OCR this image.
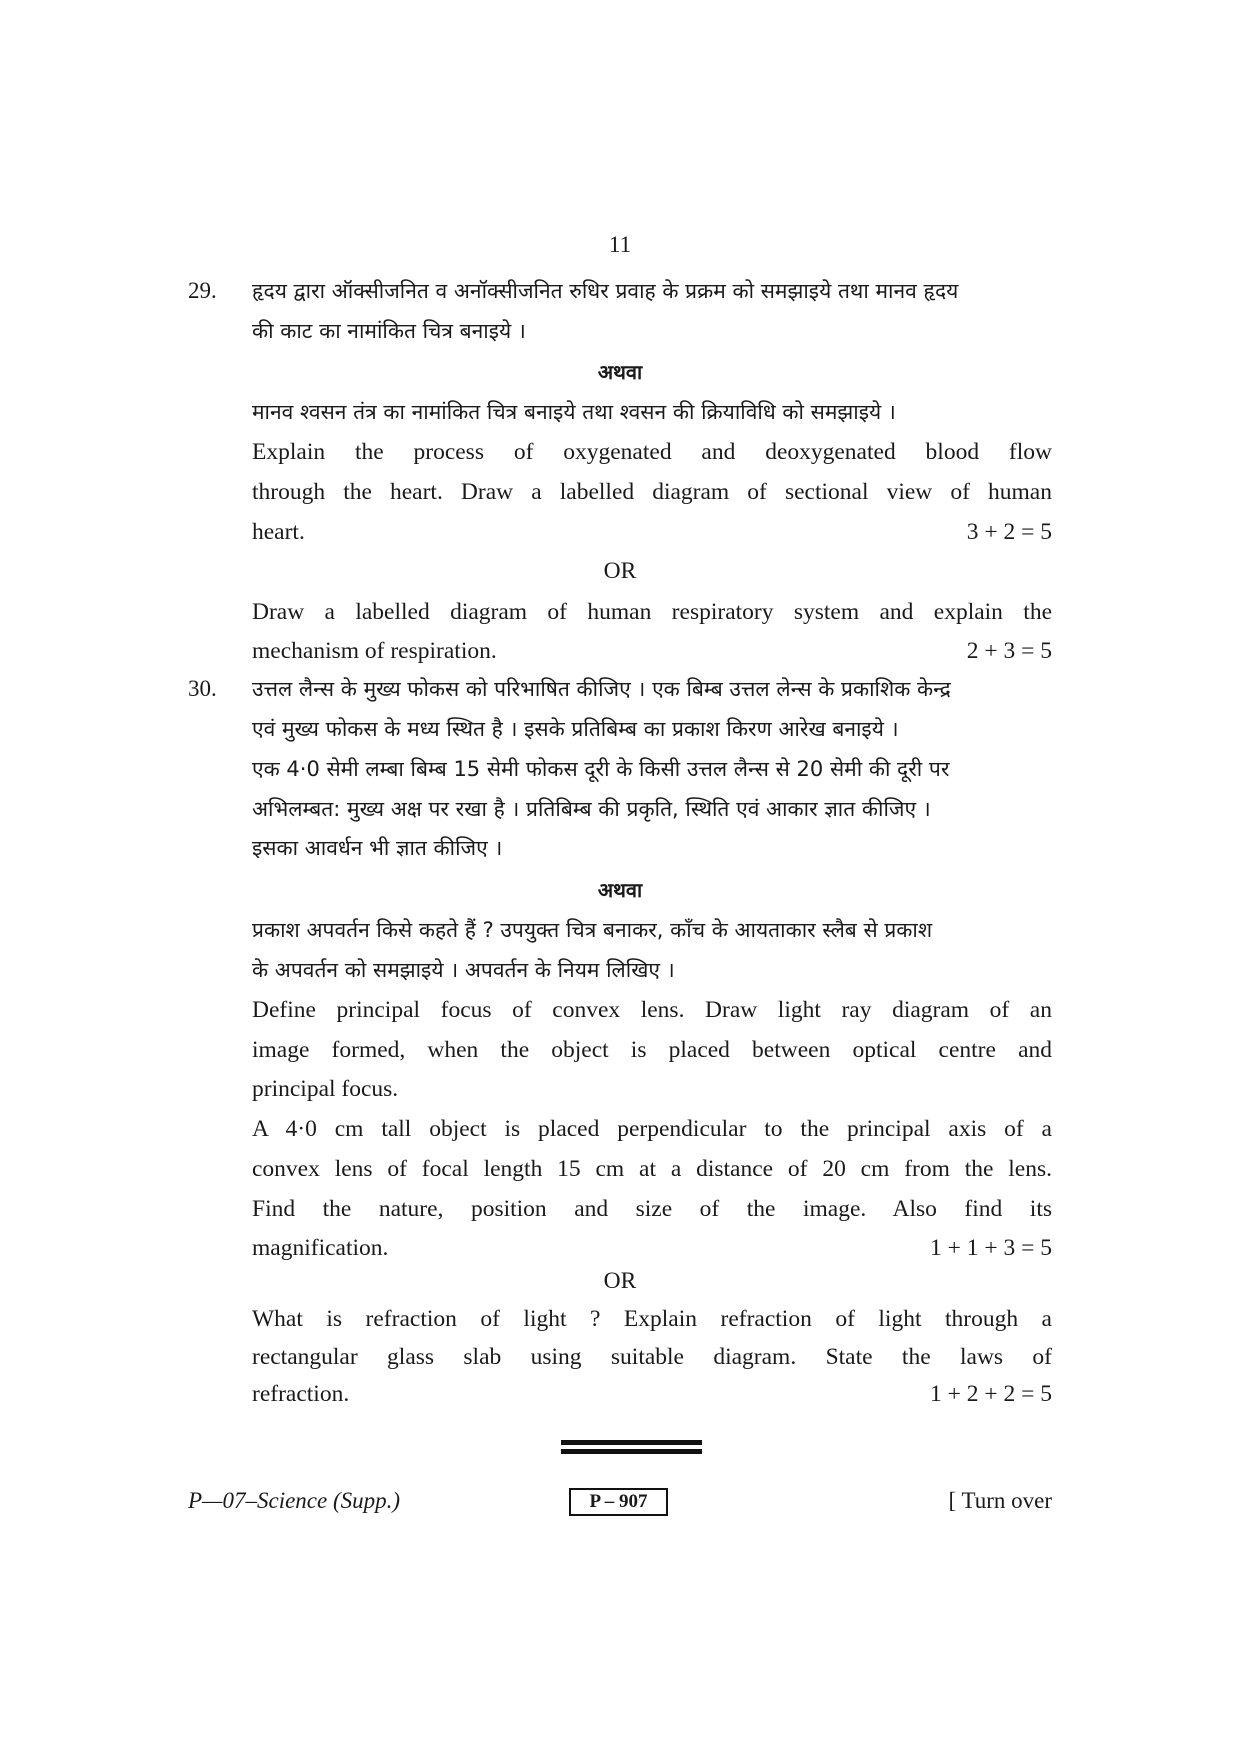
11
29. हृदय द्वारा ऑक्सीजनित व अनॉक्सीजनित रुधिर प्रवाह के प्रक्रम को समझाइये तथा मानव हृदय
की काट का नामांकित चित्र बनाइये ।
अथवा
मानव श्वसन तंत्र का नामांकित चित्र बनाइये तथा श्वसन की क्रियाविधि को समझाइये ।
Explain the process of oxygenated and deoxygenated blood flow
through the heart. Draw a labelled diagram of sectional view of human
heart.	3 + 2 = 5
OR
Draw a labelled diagram of human respiratory system and explain the
mechanism of respiration.	2 + 3 = 5
30. उत्तल लैन्स के मुख्य फोकस को परिभाषित कीजिए । एक बिम्ब उत्तल लेन्स के प्रकाशिक केन्द्र
एवं मुख्य फोकस के मध्य स्थित है । इसके प्रतिबिम्ब का प्रकाश किरण आरेख बनाइये ।
एक 4·0 सेमी लम्बा बिम्ब 15 सेमी फोकस दूरी के किसी उत्तल लैन्स से 20 सेमी की दूरी पर
अभिलम्बत: मुख्य अक्ष पर रखा है । प्रतिबिम्ब की प्रकृति, स्थिति एवं आकार ज्ञात कीजिए ।
इसका आवर्धन भी ज्ञात कीजिए ।
अथवा
प्रकाश अपवर्तन किसे कहते हैं ? उपयुक्त चित्र बनाकर, काँच के आयताकार स्लैब से प्रकाश
के अपवर्तन को समझाइये । अपवर्तन के नियम लिखिए ।
Define principal focus of convex lens. Draw light ray diagram of an
image formed, when the object is placed between optical centre and
principal focus.
A 4·0 cm tall object is placed perpendicular to the principal axis of a
convex lens of focal length 15 cm at a distance of 20 cm from the lens.
Find the nature, position and size of the image. Also find its
magnification.	1 + 1 + 3 = 5
OR
What is refraction of light ? Explain refraction of light through a
rectangular glass slab using suitable diagram. State the laws of
refraction.	1 + 2 + 2 = 5
P—07–Science (Supp.)	P – 907	[ Turn over
